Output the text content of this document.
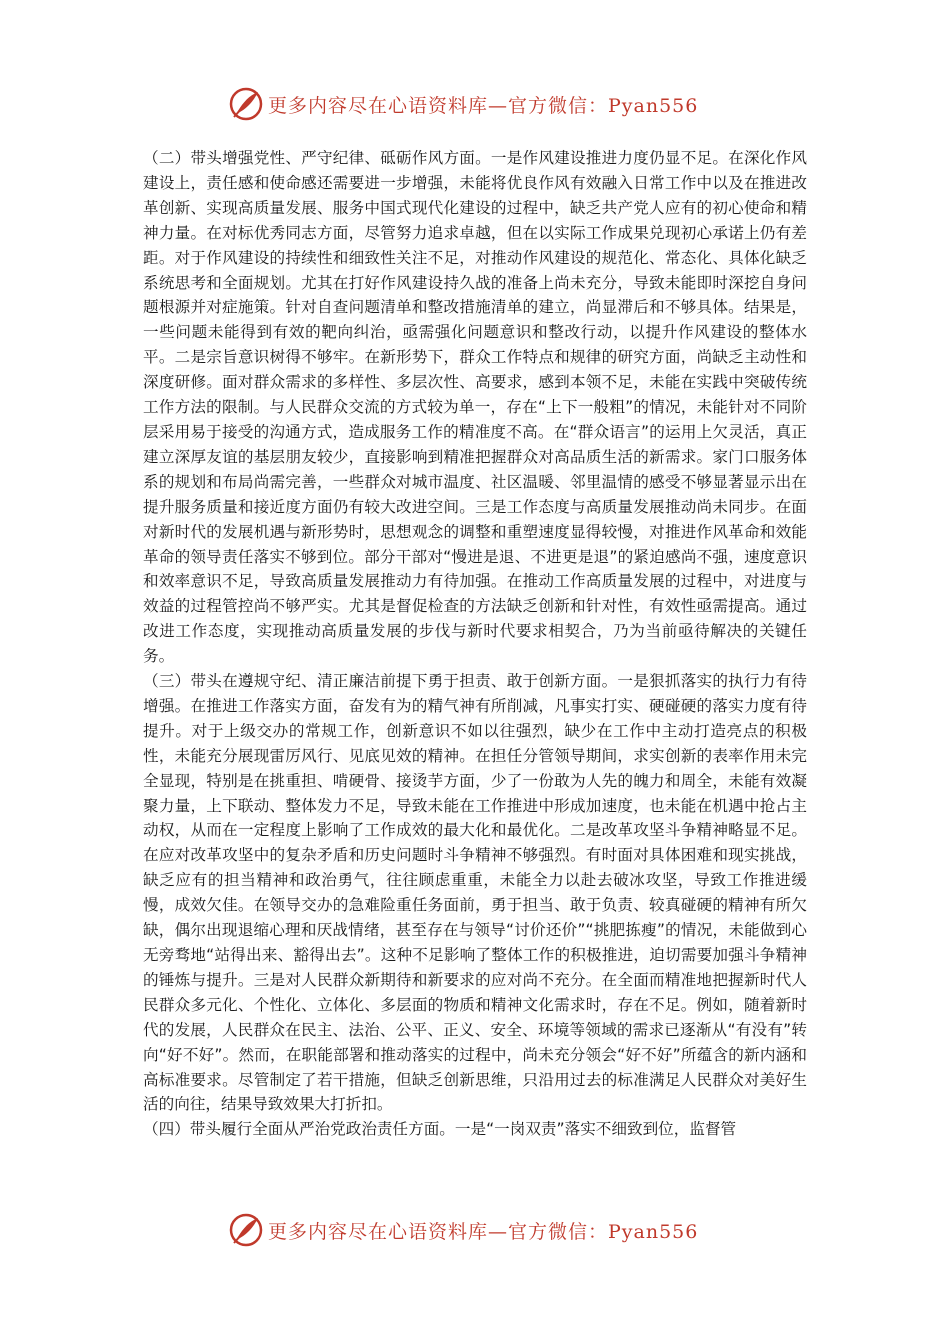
更多内容尽在心语资料库—官方微信：Pyan556

（二）带头增强党性、严守纪律、砥砺作风方面。一是作风建设推进力度仍显不足。在深化作风建设上，责任感和使命感还需要进一步增强，未能将优良作风有效融入日常工作中以及在推进改革创新、实现高质量发展、服务中国式现代化建设的过程中，缺乏共产党人应有的初心使命和精神力量。在对标优秀同志方面，尽管努力追求卓越，但在以实际工作成果兑现初心承诺上仍有差距。对于作风建设的持续性和细致性关注不足，对推动作风建设的规范化、常态化、具体化缺乏系统思考和全面规划。尤其在打好作风建设持久战的准备上尚未充分，导致未能即时深挖自身问题根源并对症施策。针对自查问题清单和整改措施清单的建立，尚显滞后和不够具体。结果是，一些问题未能得到有效的靶向纠治，亟需强化问题意识和整改行动，以提升作风建设的整体水平。二是宗旨意识树得不够牢。在新形势下，群众工作特点和规律的研究方面，尚缺乏主动性和深度研修。面对群众需求的多样性、多层次性、高要求，感到本领不足，未能在实践中突破传统工作方法的限制。与人民群众交流的方式较为单一，存在“上下一般粗”的情况，未能针对不同阶层采用易于接受的沟通方式，造成服务工作的精准度不高。在“群众语言”的运用上欠灵活，真正建立深厚友谊的基层朋友较少，直接影响到精准把握群众对高品质生活的新需求。家门口服务体系的规划和布局尚需完善，一些群众对城市温度、社区温暖、邻里温情的感受不够显著显示出在提升服务质量和接近度方面仍有较大改进空间。三是工作态度与高质量发展推动尚未同步。在面对新时代的发展机遇与新形势时，思想观念的调整和重塑速度显得较慢，对推进作风革命和效能革命的领导责任落实不够到位。部分干部对“慢进是退、不进更是退”的紧迫感尚不强，速度意识和效率意识不足，导致高质量发展推动力有待加强。在推动工作高质量发展的过程中，对进度与效益的过程管控尚不够严实。尤其是督促检查的方法缺乏创新和针对性，有效性亟需提高。通过改进工作态度，实现推动高质量发展的步伐与新时代要求相契合，乃为当前亟待解决的关键任务。

（三）带头在遵规守纪、清正廉洁前提下勇于担责、敢于创新方面。一是狠抓落实的执行力有待增强。在推进工作落实方面，奋发有为的精气神有所削减，凡事实打实、硬碰硬的落实力度有待提升。对于上级交办的常规工作，创新意识不如以往强烈，缺少在工作中主动打造亮点的积极性，未能充分展现雷厉风行、见底见效的精神。在担任分管领导期间，求实创新的表率作用未完全显现，特别是在挑重担、啃硬骨、接烫芋方面，少了一份敢为人先的魄力和周全，未能有效凝聚力量，上下联动、整体发力不足，导致未能在工作推进中形成加速度，也未能在机遇中抢占主动权，从而在一定程度上影响了工作成效的最大化和最优化。二是改革攻坚斗争精神略显不足。在应对改革攻坚中的复杂矛盾和历史问题时斗争精神不够强烈。有时面对具体困难和现实挑战，缺乏应有的担当精神和政治勇气，往往顾虑重重，未能全力以赴去破冰攻坚，导致工作推进缓慢，成效欠佳。在领导交办的急难险重任务面前，勇于担当、敢于负责、较真碰硬的精神有所欠缺，偶尔出现退缩心理和厌战情绪，甚至存在与领导“讨价还价”“挑肥拣瘦”的情况，未能做到心无旁骛地“站得出来、豁得出去”。这种不足影响了整体工作的积极推进，迫切需要加强斗争精神的锤炼与提升。三是对人民群众新期待和新要求的应对尚不充分。在全面而精准地把握新时代人民群众多元化、个性化、立体化、多层面的物质和精神文化需求时，存在不足。例如，随着新时代的发展，人民群众在民主、法治、公平、正义、安全、环境等领域的需求已逐渐从“有没有”转向“好不好”。然而，在职能部署和推动落实的过程中，尚未充分领会“好不好”所蕴含的新内涵和高标准要求。尽管制定了若干措施，但缺乏创新思维，只沿用过去的标准满足人民群众对美好生活的向往，结果导致效果大打折扣。

（四）带头履行全面从严治党政治责任方面。一是“一岗双责”落实不细致到位，监督管

更多内容尽在心语资料库—官方微信：Pyan556
